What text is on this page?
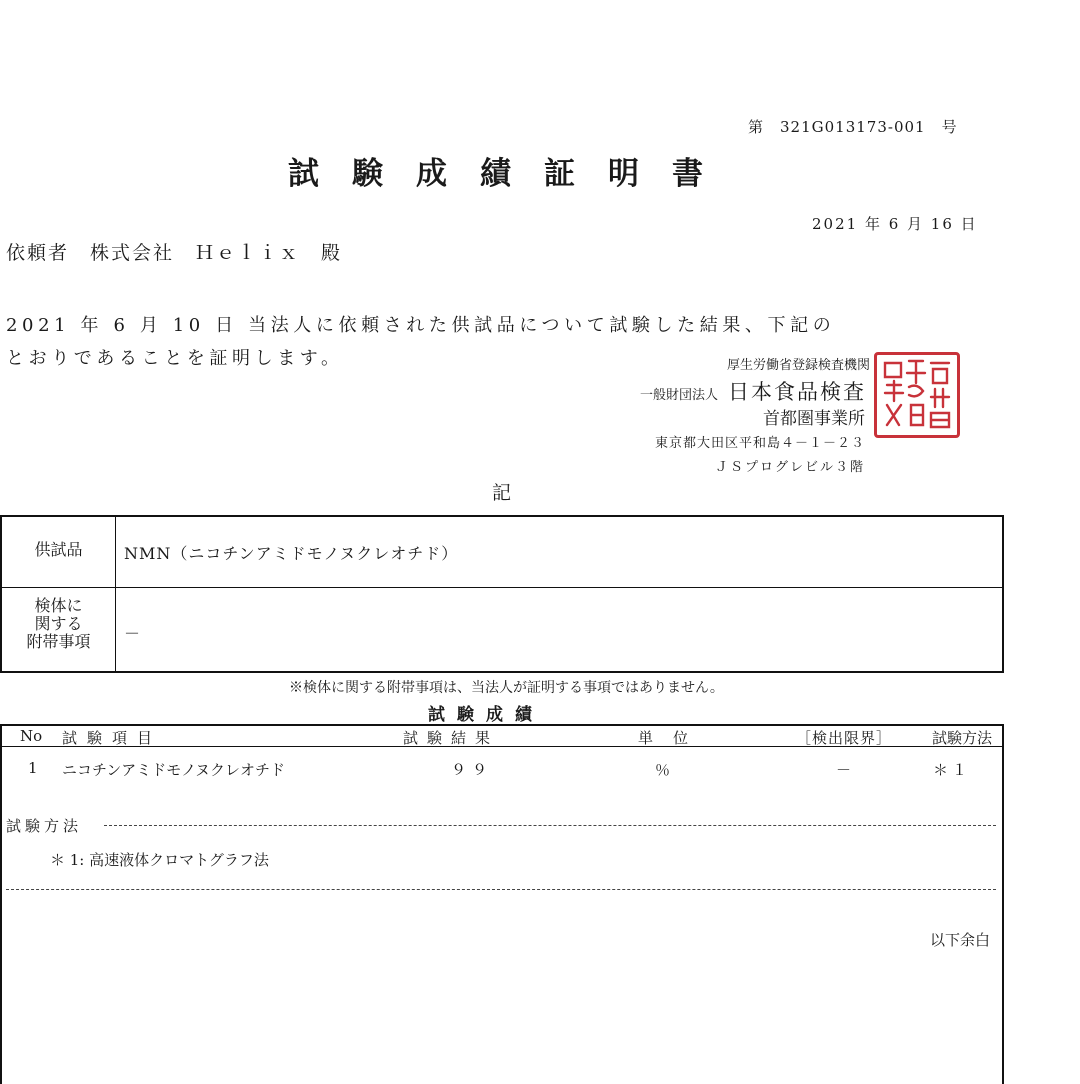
第　321G013173-001　号
試験成績証明書
2021 年 6 月 16 日
依頼者　株式会社　Ｈｅｌｉｘ　殿
2021 年 6 月 10 日 当法人に依頼された供試品について試験した結果、下記の
とおりであることを証明します。	厚生労働省登録検査機関
一般財団法人 日本食品検査
首都圏事業所
東京都大田区平和島４－１－２３
ＪＳプログレビル３階
記
供試品	NMN（ニコチンアミドモノヌクレオチド）
検体に
関する
附帯事項	－
※検体に関する附帯事項は、当法人が証明する事項ではありません。
試験成績
No 試験項目	試験結果	単位	［検出限界］	試験方法
1 ニコチンアミドモノヌクレオチド	９９	％	－	＊１
試験方法
＊ 1: 高速液体クロマトグラフ法
以下余白
